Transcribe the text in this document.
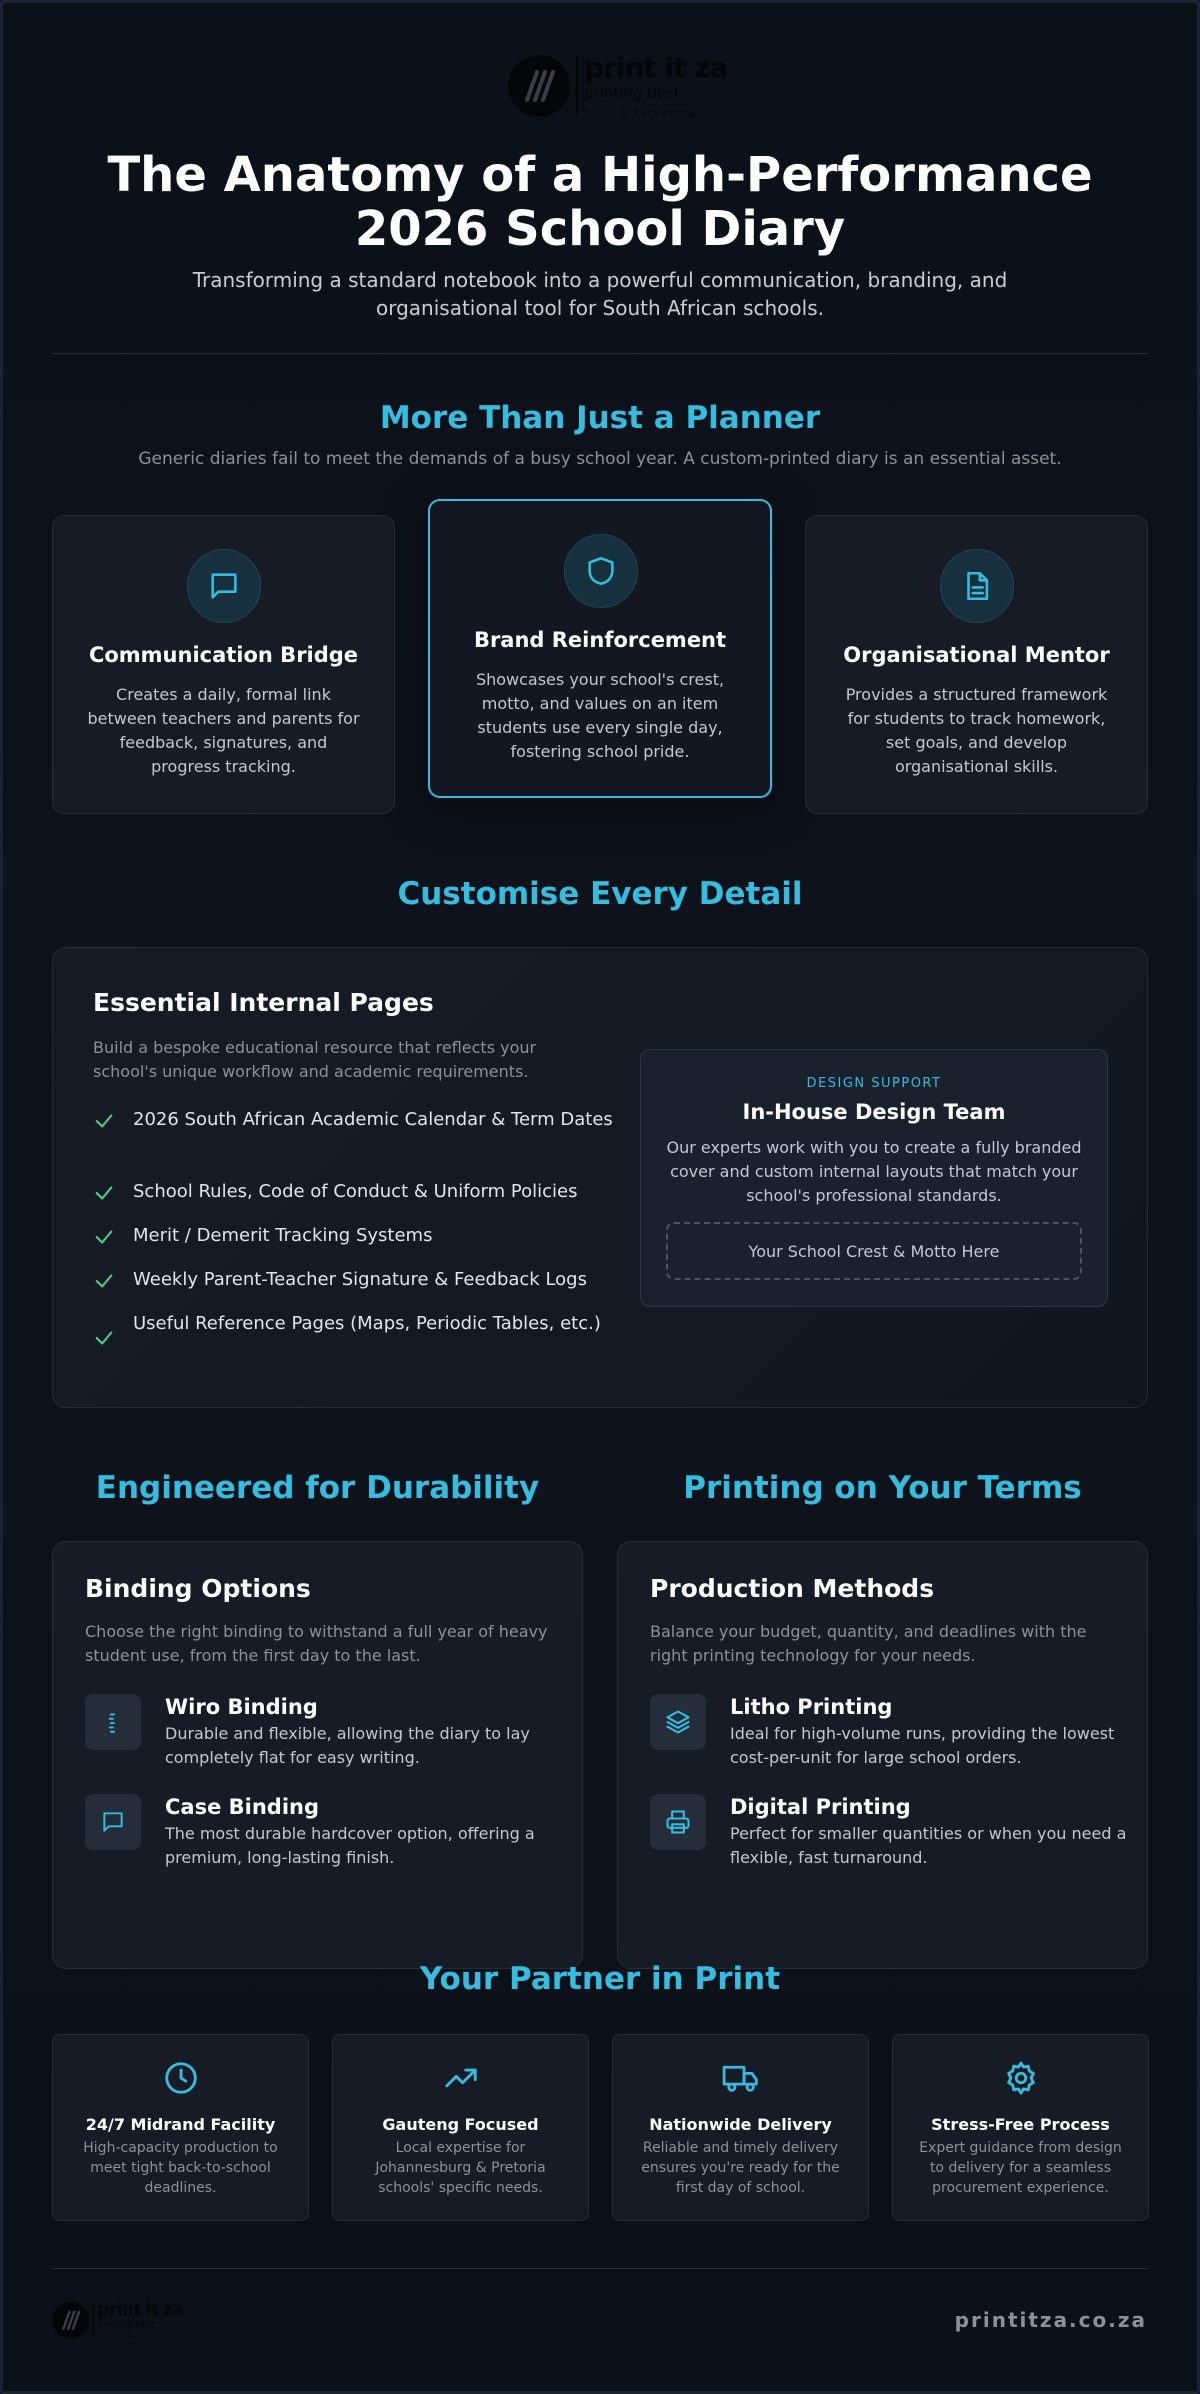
print it za
printing best.
Print & Packaging
The Anatomy of a High-Performance 2026 School Diary

Transforming a standard notebook into a powerful communication, branding, and organisational tool for South African schools.

More Than Just a Planner

Generic diaries fail to meet the demands of a busy school year. A custom-printed diary is an essential asset.

Communication Bridge
Creates a daily, formal link between teachers and parents for feedback, signatures, and progress tracking.
Brand Reinforcement
Showcases your school's crest, motto, and values on an item students use every single day, fostering school pride.
Organisational Mentor
Provides a structured framework for students to track homework, set goals, and develop organisational skills.
Customise Every Detail
Essential Internal Pages
Build a bespoke educational resource that reflects your school's unique workflow and academic requirements.
2026 South African Academic Calendar & Term Dates
School Rules, Code of Conduct & Uniform Policies
Merit / Demerit Tracking Systems
Weekly Parent-Teacher Signature & Feedback Logs
Useful Reference Pages (Maps, Periodic Tables, etc.)
DESIGN SUPPORT
In-House Design Team
Our experts work with you to create a fully branded cover and custom internal layouts that match your school's professional standards.
Your School Crest & Motto Here
Engineered for Durability	Printing on Your Terms
Binding Options
Choose the right binding to withstand a full year of heavy student use, from the first day to the last.
Wiro Binding
Durable and flexible, allowing the diary to lay completely flat for easy writing.
Case Binding
The most durable hardcover option, offering a premium, long-lasting finish.
Production Methods
Balance your budget, quantity, and deadlines with the right printing technology for your needs.
Litho Printing
Ideal for high-volume runs, providing the lowest cost-per-unit for large school orders.
Digital Printing
Perfect for smaller quantities or when you need a flexible, fast turnaround.
Your Partner in Print
24/7 Midrand Facility
High-capacity production to meet tight back-to-school deadlines.
Gauteng Focused
Local expertise for Johannesburg & Pretoria schools' specific needs.
Nationwide Delivery
Reliable and timely delivery ensures you're ready for the first day of school.
Stress-Free Process
Expert guidance from design to delivery for a seamless procurement experience.
print it za
printing best.
Print & Packaging
printitza.co.za
